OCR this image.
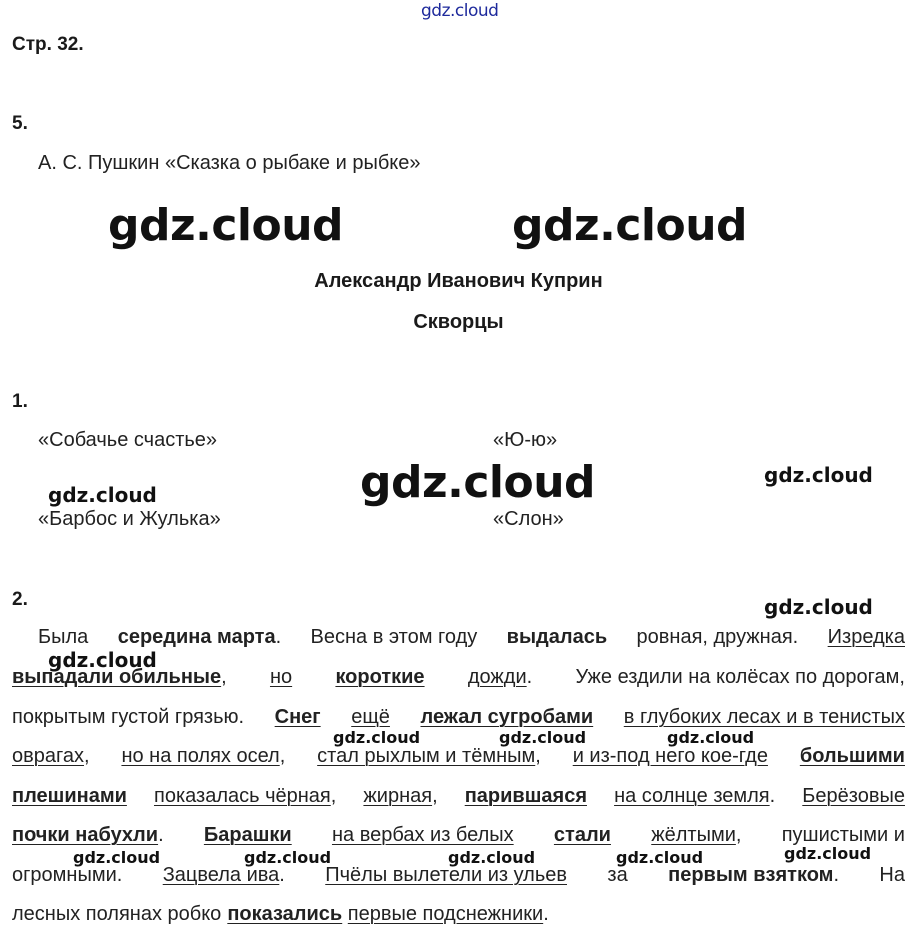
gdz.cloud
Стр. 32.
5.
А. С. Пушкин «Сказка о рыбаке и рыбке»
gdz.cloud	gdz.cloud
Александр Иванович Куприн
Скворцы
1.
«Собачье счастье»	«Ю-ю»
«Барбос и Жулька»	«Слон»
gdz.cloud	gdz.cloud
gdz.cloud
2.	gdz.cloud
Была середина марта. Весна в этом году выдалась ровная, дружная. Изредка
выпадали обильные, но короткие дожди. Уже ездили на колёсах по дорогам,
покрытым густой грязью. Снег ещё лежал сугробами в глубоких лесах и в тенистых
оврагах, но на полях осел, стал рыхлым и тёмным, и из-под него кое-где большими
плешинами показалась чёрная, жирная, парившаяся на солнце земля. Берёзовые
почки набухли. Барашки на вербах из белых стали жёлтыми, пушистыми и
огромными. Зацвела ива. Пчёлы вылетели из ульев за первым взятком. На
лесных полянах робко показались первые подснежники.
gdz.cloud
gdz.cloud	gdz.cloud	gdz.cloud
gdz.cloud	gdz.cloud	gdz.cloud	gdz.cloud	gdz.cloud
